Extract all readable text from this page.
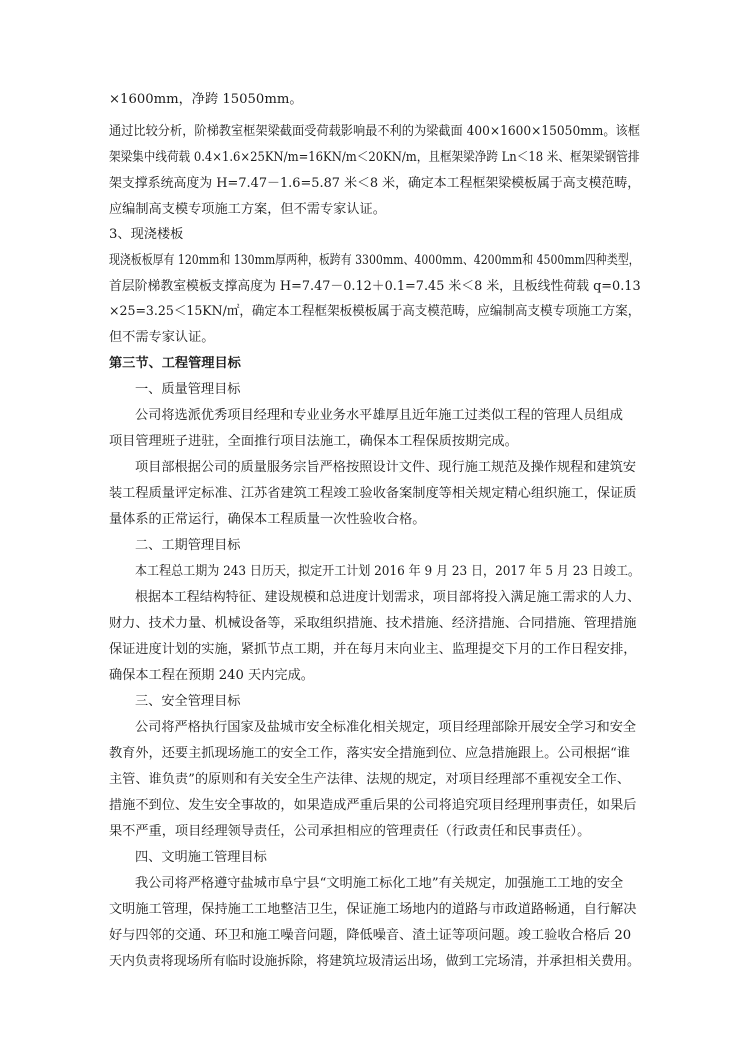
×1600mm，净跨 15050mm。
通过比较分析，阶梯教室框架梁截面受荷载影响最不利的为梁截面 400×1600×15050mm。该框
架梁集中线荷载 0.4×1.6×25KN/m=16KN/m＜20KN/m，且框架梁净跨 Ln＜18 米、框架梁钢管排
架支撑系统高度为 H=7.47－1.6=5.87 米＜8 米，确定本工程框架梁模板属于高支模范畴，
应编制高支模专项施工方案，但不需专家认证。
3、现浇楼板
现浇板板厚有 120mm和 130mm厚两种，板跨有 3300mm、4000mm、4200mm和 4500mm四种类型，
首层阶梯教室模板支撑高度为 H=7.47－0.12＋0.1=7.45 米＜8 米，且板线性荷载 q=0.13
×25=3.25＜15KN/㎡，确定本工程框架板模板属于高支模范畴，应编制高支模专项施工方案，
但不需专家认证。
第三节、工程管理目标
一、质量管理目标
公司将选派优秀项目经理和专业业务水平雄厚且近年施工过类似工程的管理人员组成
项目管理班子进驻，全面推行项目法施工，确保本工程保质按期完成。
项目部根据公司的质量服务宗旨严格按照设计文件、现行施工规范及操作规程和建筑安
装工程质量评定标准、江苏省建筑工程竣工验收备案制度等相关规定精心组织施工，保证质
量体系的正常运行，确保本工程质量一次性验收合格。
二、工期管理目标
本工程总工期为 243 日历天，拟定开工计划 2016 年 9 月 23 日，2017 年 5 月 23 日竣工。
根据本工程结构特征、建设规模和总进度计划需求，项目部将投入满足施工需求的人力、
财力、技术力量、机械设备等，采取组织措施、技术措施、经济措施、合同措施、管理措施
保证进度计划的实施，紧抓节点工期，并在每月末向业主、监理提交下月的工作日程安排，
确保本工程在预期 240 天内完成。
三、安全管理目标
公司将严格执行国家及盐城市安全标准化相关规定，项目经理部除开展安全学习和安全
教育外，还要主抓现场施工的安全工作，落实安全措施到位、应急措施跟上。公司根据“谁
主管、谁负责”的原则和有关安全生产法律、法规的规定，对项目经理部不重视安全工作、
措施不到位、发生安全事故的，如果造成严重后果的公司将追究项目经理刑事责任，如果后
果不严重，项目经理领导责任，公司承担相应的管理责任（行政责任和民事责任）。
四、文明施工管理目标
我公司将严格遵守盐城市阜宁县“文明施工标化工地”有关规定，加强施工工地的安全
文明施工管理，保持施工工地整洁卫生，保证施工场地内的道路与市政道路畅通，自行解决
好与四邻的交通、环卫和施工噪音问题，降低噪音、渣土证等项问题。竣工验收合格后 20
天内负责将现场所有临时设施拆除，将建筑垃圾清运出场，做到工完场清，并承担相关费用。
